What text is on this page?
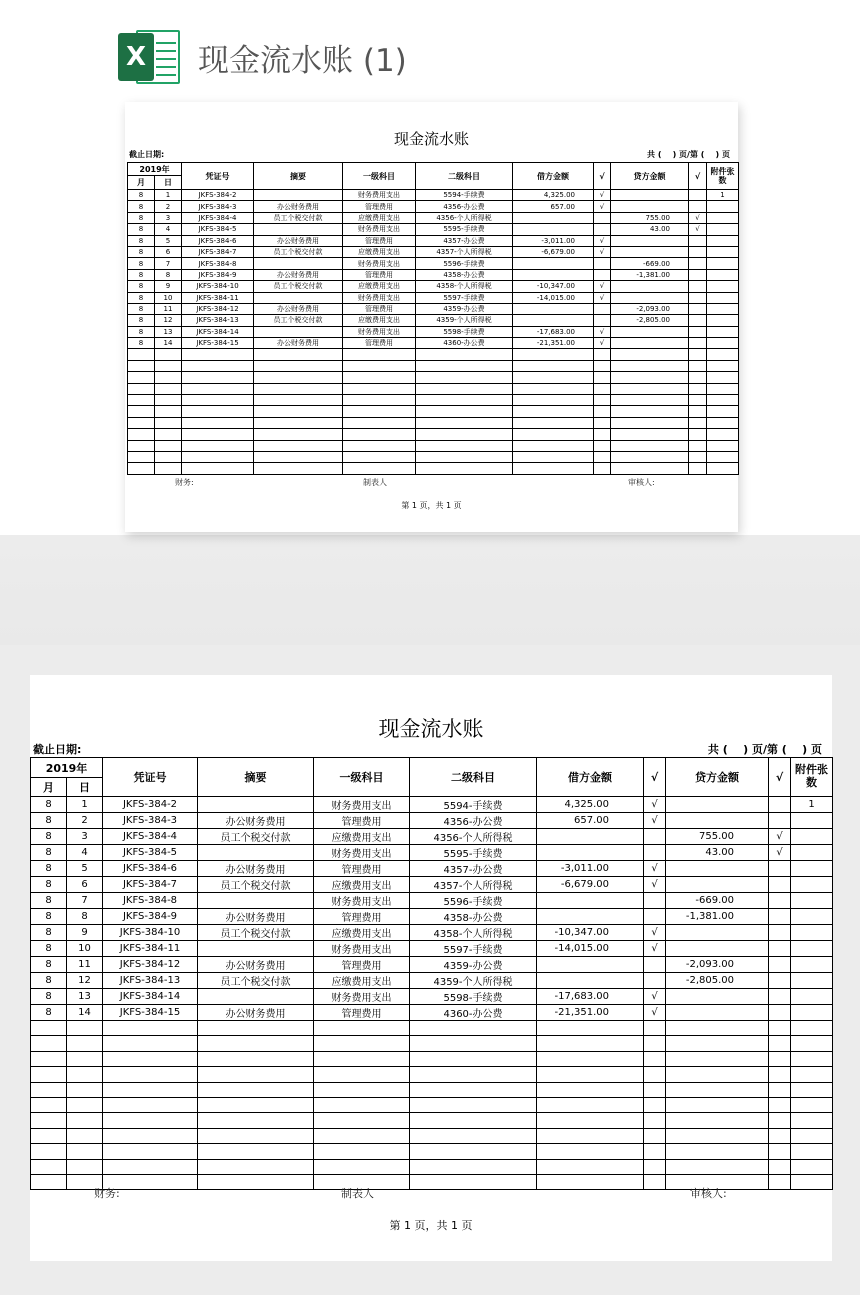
X 现金流水账 (1)
现金流水账
截止日期:	共 (    ) 页/第 (    ) 页
2019年		凭证号	摘要	一级科目	二级科目	借方金额	√	贷方金额	√	附件张数
月	日									
8	1	JKFS-384-2		财务费用支出	5594-手续费	4,325.00	√			1
8	2	JKFS-384-3	办公财务费用	管理费用	4356-办公费	657.00	√			
8	3	JKFS-384-4	员工个税交付款	应缴费用支出	4356-个人所得税			755.00	√	
8	4	JKFS-384-5		财务费用支出	5595-手续费			43.00	√	
8	5	JKFS-384-6	办公财务费用	管理费用	4357-办公费	-3,011.00	√			
8	6	JKFS-384-7	员工个税交付款	应缴费用支出	4357-个人所得税	-6,679.00	√			
8	7	JKFS-384-8		财务费用支出	5596-手续费			-669.00		
8	8	JKFS-384-9	办公财务费用	管理费用	4358-办公费			-1,381.00		
8	9	JKFS-384-10	员工个税交付款	应缴费用支出	4358-个人所得税	-10,347.00	√			
8	10	JKFS-384-11		财务费用支出	5597-手续费	-14,015.00	√			
8	11	JKFS-384-12	办公财务费用	管理费用	4359-办公费			-2,093.00		
8	12	JKFS-384-13	员工个税交付款	应缴费用支出	4359-个人所得税			-2,805.00		
8	13	JKFS-384-14		财务费用支出	5598-手续费	-17,683.00	√			
8	14	JKFS-384-15	办公财务费用	管理费用	4360-办公费	-21,351.00	√			

财务:	制表人	审核人:
第 1 页，共 1 页
现金流水账
截止日期:	共 (    ) 页/第 (    ) 页
2019年		凭证号	摘要	一级科目	二级科目	借方金额	√	贷方金额	√	附件张数
月	日									
8	1	JKFS-384-2		财务费用支出	5594-手续费	4,325.00	√			1
8	2	JKFS-384-3	办公财务费用	管理费用	4356-办公费	657.00	√			
8	3	JKFS-384-4	员工个税交付款	应缴费用支出	4356-个人所得税			755.00	√	
8	4	JKFS-384-5		财务费用支出	5595-手续费			43.00	√	
8	5	JKFS-384-6	办公财务费用	管理费用	4357-办公费	-3,011.00	√			
8	6	JKFS-384-7	员工个税交付款	应缴费用支出	4357-个人所得税	-6,679.00	√			
8	7	JKFS-384-8		财务费用支出	5596-手续费			-669.00		
8	8	JKFS-384-9	办公财务费用	管理费用	4358-办公费			-1,381.00		
8	9	JKFS-384-10	员工个税交付款	应缴费用支出	4358-个人所得税	-10,347.00	√			
8	10	JKFS-384-11		财务费用支出	5597-手续费	-14,015.00	√			
8	11	JKFS-384-12	办公财务费用	管理费用	4359-办公费			-2,093.00		
8	12	JKFS-384-13	员工个税交付款	应缴费用支出	4359-个人所得税			-2,805.00		
8	13	JKFS-384-14		财务费用支出	5598-手续费	-17,683.00	√			
8	14	JKFS-384-15	办公财务费用	管理费用	4360-办公费	-21,351.00	√			

财务:	制表人	审核人:
第 1 页，共 1 页
